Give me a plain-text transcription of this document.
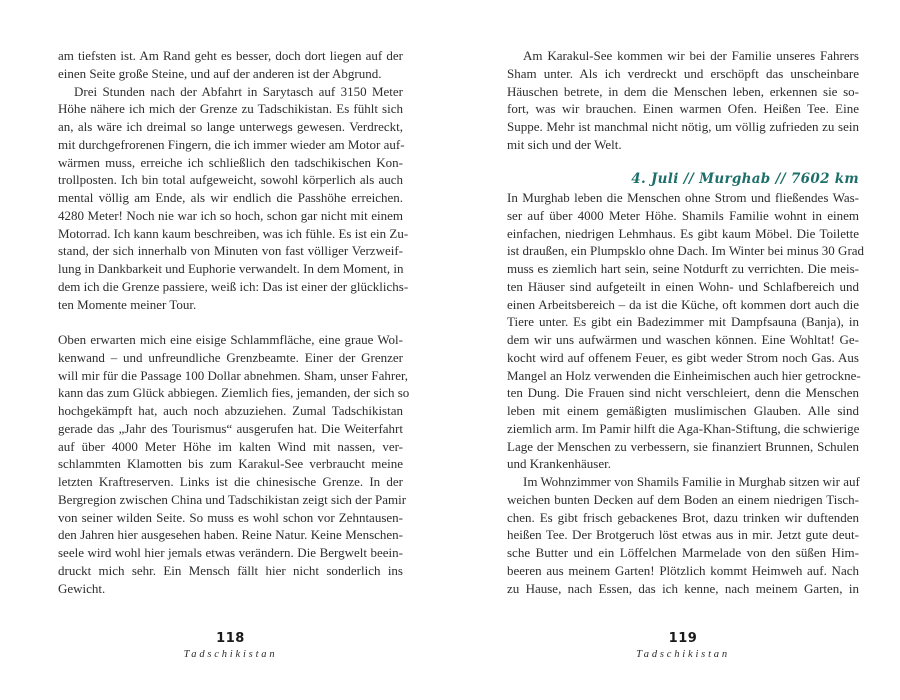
am tiefsten ist. Am Rand geht es besser, doch dort liegen auf der
einen Seite große Steine, und auf der anderen ist der Abgrund.
Drei Stunden nach der Abfahrt in Sarytasch auf 3150 Meter
Höhe nähere ich mich der Grenze zu Tadschikistan. Es fühlt sich
an, als wäre ich dreimal so lange unterwegs gewesen. Verdreckt,
mit durchgefrorenen Fingern, die ich immer wieder am Motor auf-
wärmen muss, erreiche ich schließlich den tadschikischen Kon-
trollposten. Ich bin total aufgeweicht, sowohl körperlich als auch
mental völlig am Ende, als wir endlich die Passhöhe erreichen.
4280 Meter! Noch nie war ich so hoch, schon gar nicht mit einem
Motorrad. Ich kann kaum beschreiben, was ich fühle. Es ist ein Zu-
stand, der sich innerhalb von Minuten von fast völliger Verzweif-
lung in Dankbarkeit und Euphorie verwandelt. In dem Moment, in
dem ich die Grenze passiere, weiß ich: Das ist einer der glücklichs-
ten Momente meiner Tour.
Oben erwarten mich eine eisige Schlammfläche, eine graue Wol-
kenwand – und unfreundliche Grenzbeamte. Einer der Grenzer
will mir für die Passage 100 Dollar abnehmen. Sham, unser Fahrer,
kann das zum Glück abbiegen. Ziemlich fies, jemanden, der sich so
hochgekämpft hat, auch noch abzuziehen. Zumal Tadschikistan
gerade das „Jahr des Tourismus“ ausgerufen hat. Die Weiterfahrt
auf über 4000 Meter Höhe im kalten Wind mit nassen, ver-
schlammten Klamotten bis zum Karakul-See verbraucht meine
letzten Kraftreserven. Links ist die chinesische Grenze. In der
Bergregion zwischen China und Tadschikistan zeigt sich der Pamir
von seiner wilden Seite. So muss es wohl schon vor Zehntausen-
den Jahren hier ausgesehen haben. Reine Natur. Keine Menschen-
seele wird wohl hier jemals etwas verändern. Die Bergwelt beein-
druckt mich sehr. Ein Mensch fällt hier nicht sonderlich ins
Gewicht.
118
Tadschikistan
Am Karakul-See kommen wir bei der Familie unseres Fahrers
Sham unter. Als ich verdreckt und erschöpft das unscheinbare
Häuschen betrete, in dem die Menschen leben, erkennen sie so-
fort, was wir brauchen. Einen warmen Ofen. Heißen Tee. Eine
Suppe. Mehr ist manchmal nicht nötig, um völlig zufrieden zu sein
mit sich und der Welt.
4. Juli // Murghab // 7602 km
In Murghab leben die Menschen ohne Strom und fließendes Was-
ser auf über 4000 Meter Höhe. Shamils Familie wohnt in einem
einfachen, niedrigen Lehmhaus. Es gibt kaum Möbel. Die Toilette
ist draußen, ein Plumpsklo ohne Dach. Im Winter bei minus 30 Grad
muss es ziemlich hart sein, seine Notdurft zu verrichten. Die meis-
ten Häuser sind aufgeteilt in einen Wohn- und Schlafbereich und
einen Arbeitsbereich – da ist die Küche, oft kommen dort auch die
Tiere unter. Es gibt ein Badezimmer mit Dampfsauna (Banja), in
dem wir uns aufwärmen und waschen können. Eine Wohltat! Ge-
kocht wird auf offenem Feuer, es gibt weder Strom noch Gas. Aus
Mangel an Holz verwenden die Einheimischen auch hier getrockne-
ten Dung. Die Frauen sind nicht verschleiert, denn die Menschen
leben mit einem gemäßigten muslimischen Glauben. Alle sind
ziemlich arm. Im Pamir hilft die Aga-Khan-Stiftung, die schwierige
Lage der Menschen zu verbessern, sie finanziert Brunnen, Schulen
und Krankenhäuser.
Im Wohnzimmer von Shamils Familie in Murghab sitzen wir auf
weichen bunten Decken auf dem Boden an einem niedrigen Tisch-
chen. Es gibt frisch gebackenes Brot, dazu trinken wir duftenden
heißen Tee. Der Brotgeruch löst etwas aus in mir. Jetzt gute deut-
sche Butter und ein Löffelchen Marmelade von den süßen Him-
beeren aus meinem Garten! Plötzlich kommt Heimweh auf. Nach
zu Hause, nach Essen, das ich kenne, nach meinem Garten, in
119
Tadschikistan
